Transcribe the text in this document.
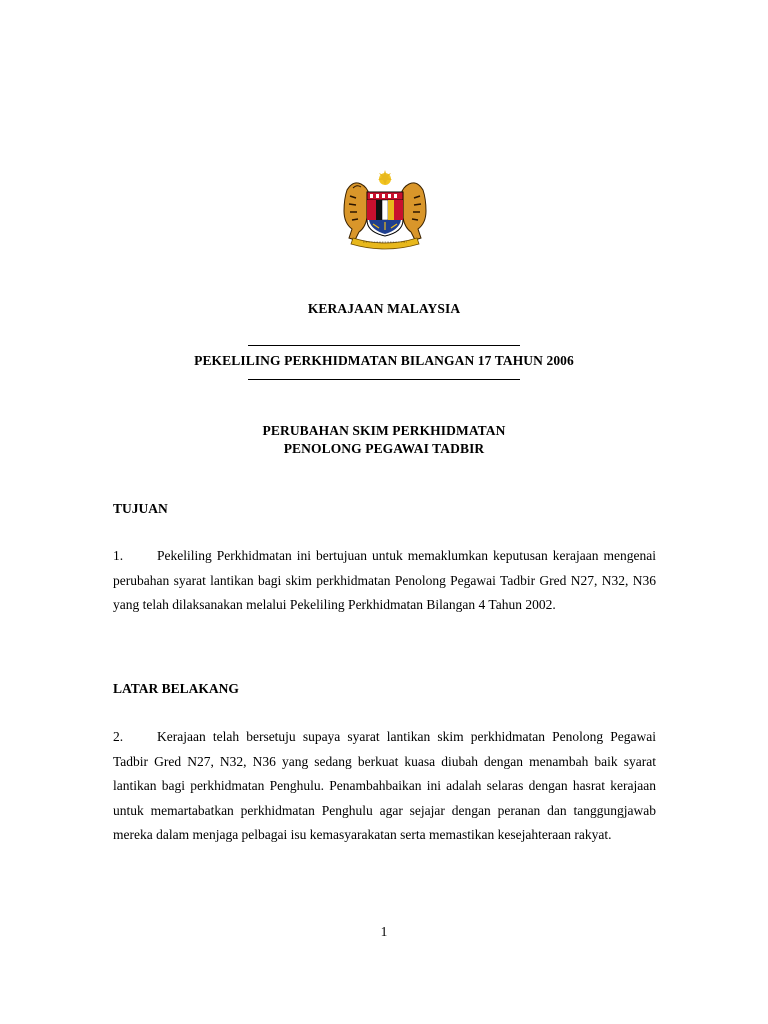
KERAJAAN MALAYSIA
PEKELILING PERKHIDMATAN BILANGAN 17 TAHUN 2006
PERUBAHAN SKIM PERKHIDMATAN
PENOLONG PEGAWAI TADBIR
TUJUAN
1.	Pekeliling Perkhidmatan ini bertujuan untuk memaklumkan keputusan kerajaan mengenai perubahan syarat lantikan bagi skim perkhidmatan Penolong Pegawai Tadbir Gred N27, N32, N36 yang telah dilaksanakan melalui Pekeliling Perkhidmatan Bilangan 4 Tahun 2002.
LATAR BELAKANG
2.	Kerajaan telah bersetuju supaya syarat lantikan skim perkhidmatan Penolong Pegawai Tadbir Gred N27, N32, N36 yang sedang berkuat kuasa diubah dengan menambah baik syarat lantikan bagi perkhidmatan Penghulu. Penambahbaikan ini adalah selaras dengan hasrat kerajaan untuk memartabatkan perkhidmatan Penghulu agar sejajar dengan peranan dan tanggungjawab mereka dalam menjaga pelbagai isu kemasyarakatan serta memastikan kesejahteraan rakyat.
1
